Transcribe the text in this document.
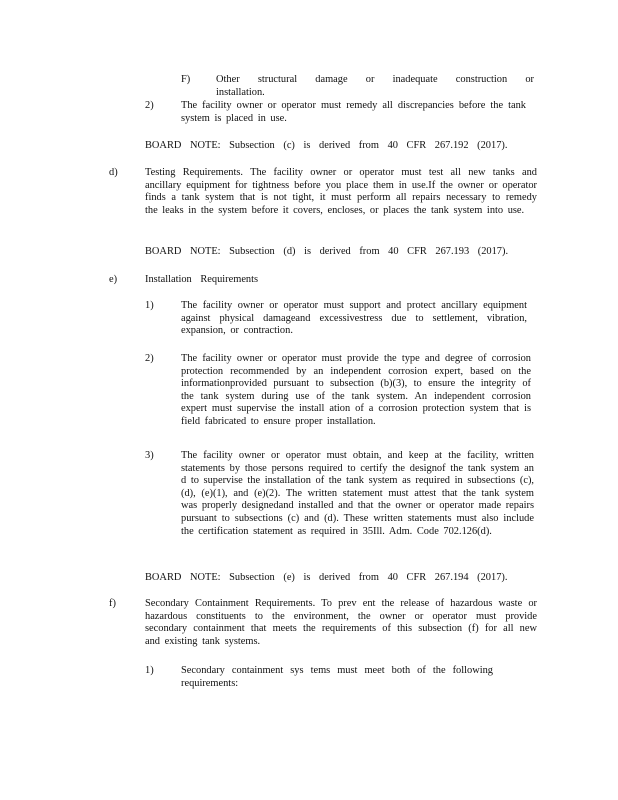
F) Other structural damage or inadequate construction or installation.
2)	The facility owner or operator must remedy all discrepancies before the tank system is placed in use.
BOARD NOTE: Subsection (c) is derived from 40 CFR 267.192 (2017).
d)	Testing Requirements. The facility owner or operator must test all new tanks and ancillary equipment for tightness before you place them in use.If the owner or operator finds a tank system that is not tight, it must perform all repairs necessary to remedy the leaks in the system before it covers, encloses, or places the tank system into use.
BOARD NOTE: Subsection (d) is derived from 40 CFR 267.193 (2017).
e)	Installation Requirements
1)	The facility owner or operator must support and protect ancillary equipment against physical damageand excessivestress due to settlement, vibration, expansion, or contraction.
2)	The facility owner or operator must provide the type and degree of corrosion protection recommended by an independent corrosion expert, based on the informationprovided pursuant to subsection (b)(3), to ensure the integrity of the tank system during use of the tank system. An independent corrosion expert must supervise the install ation of a corrosion protection system that is field fabricated to ensure proper installation.
3)	The facility owner or operator must obtain, and keep at the facility, written statements by those persons required to certify the designof the tank system an d to supervise the installation of the tank system as required in subsections (c), (d), (e)(1), and (e)(2). The written statement must attest that the tank system was properly designedand installed and that the owner or operator made repairs pursuant to subsections (c) and (d). These written statements must also include the certification statement as required in 35Ill. Adm. Code 702.126(d).
BOARD NOTE: Subsection (e) is derived from 40 CFR 267.194 (2017).
f)	Secondary Containment Requirements. To prev ent the release of hazardous waste or hazardous constituents to the environment, the owner or operator must provide secondary containment that meets the requirements of this subsection (f) for all new and existing tank systems.
1)	Secondary containment sys tems must meet both of the following requirements:
